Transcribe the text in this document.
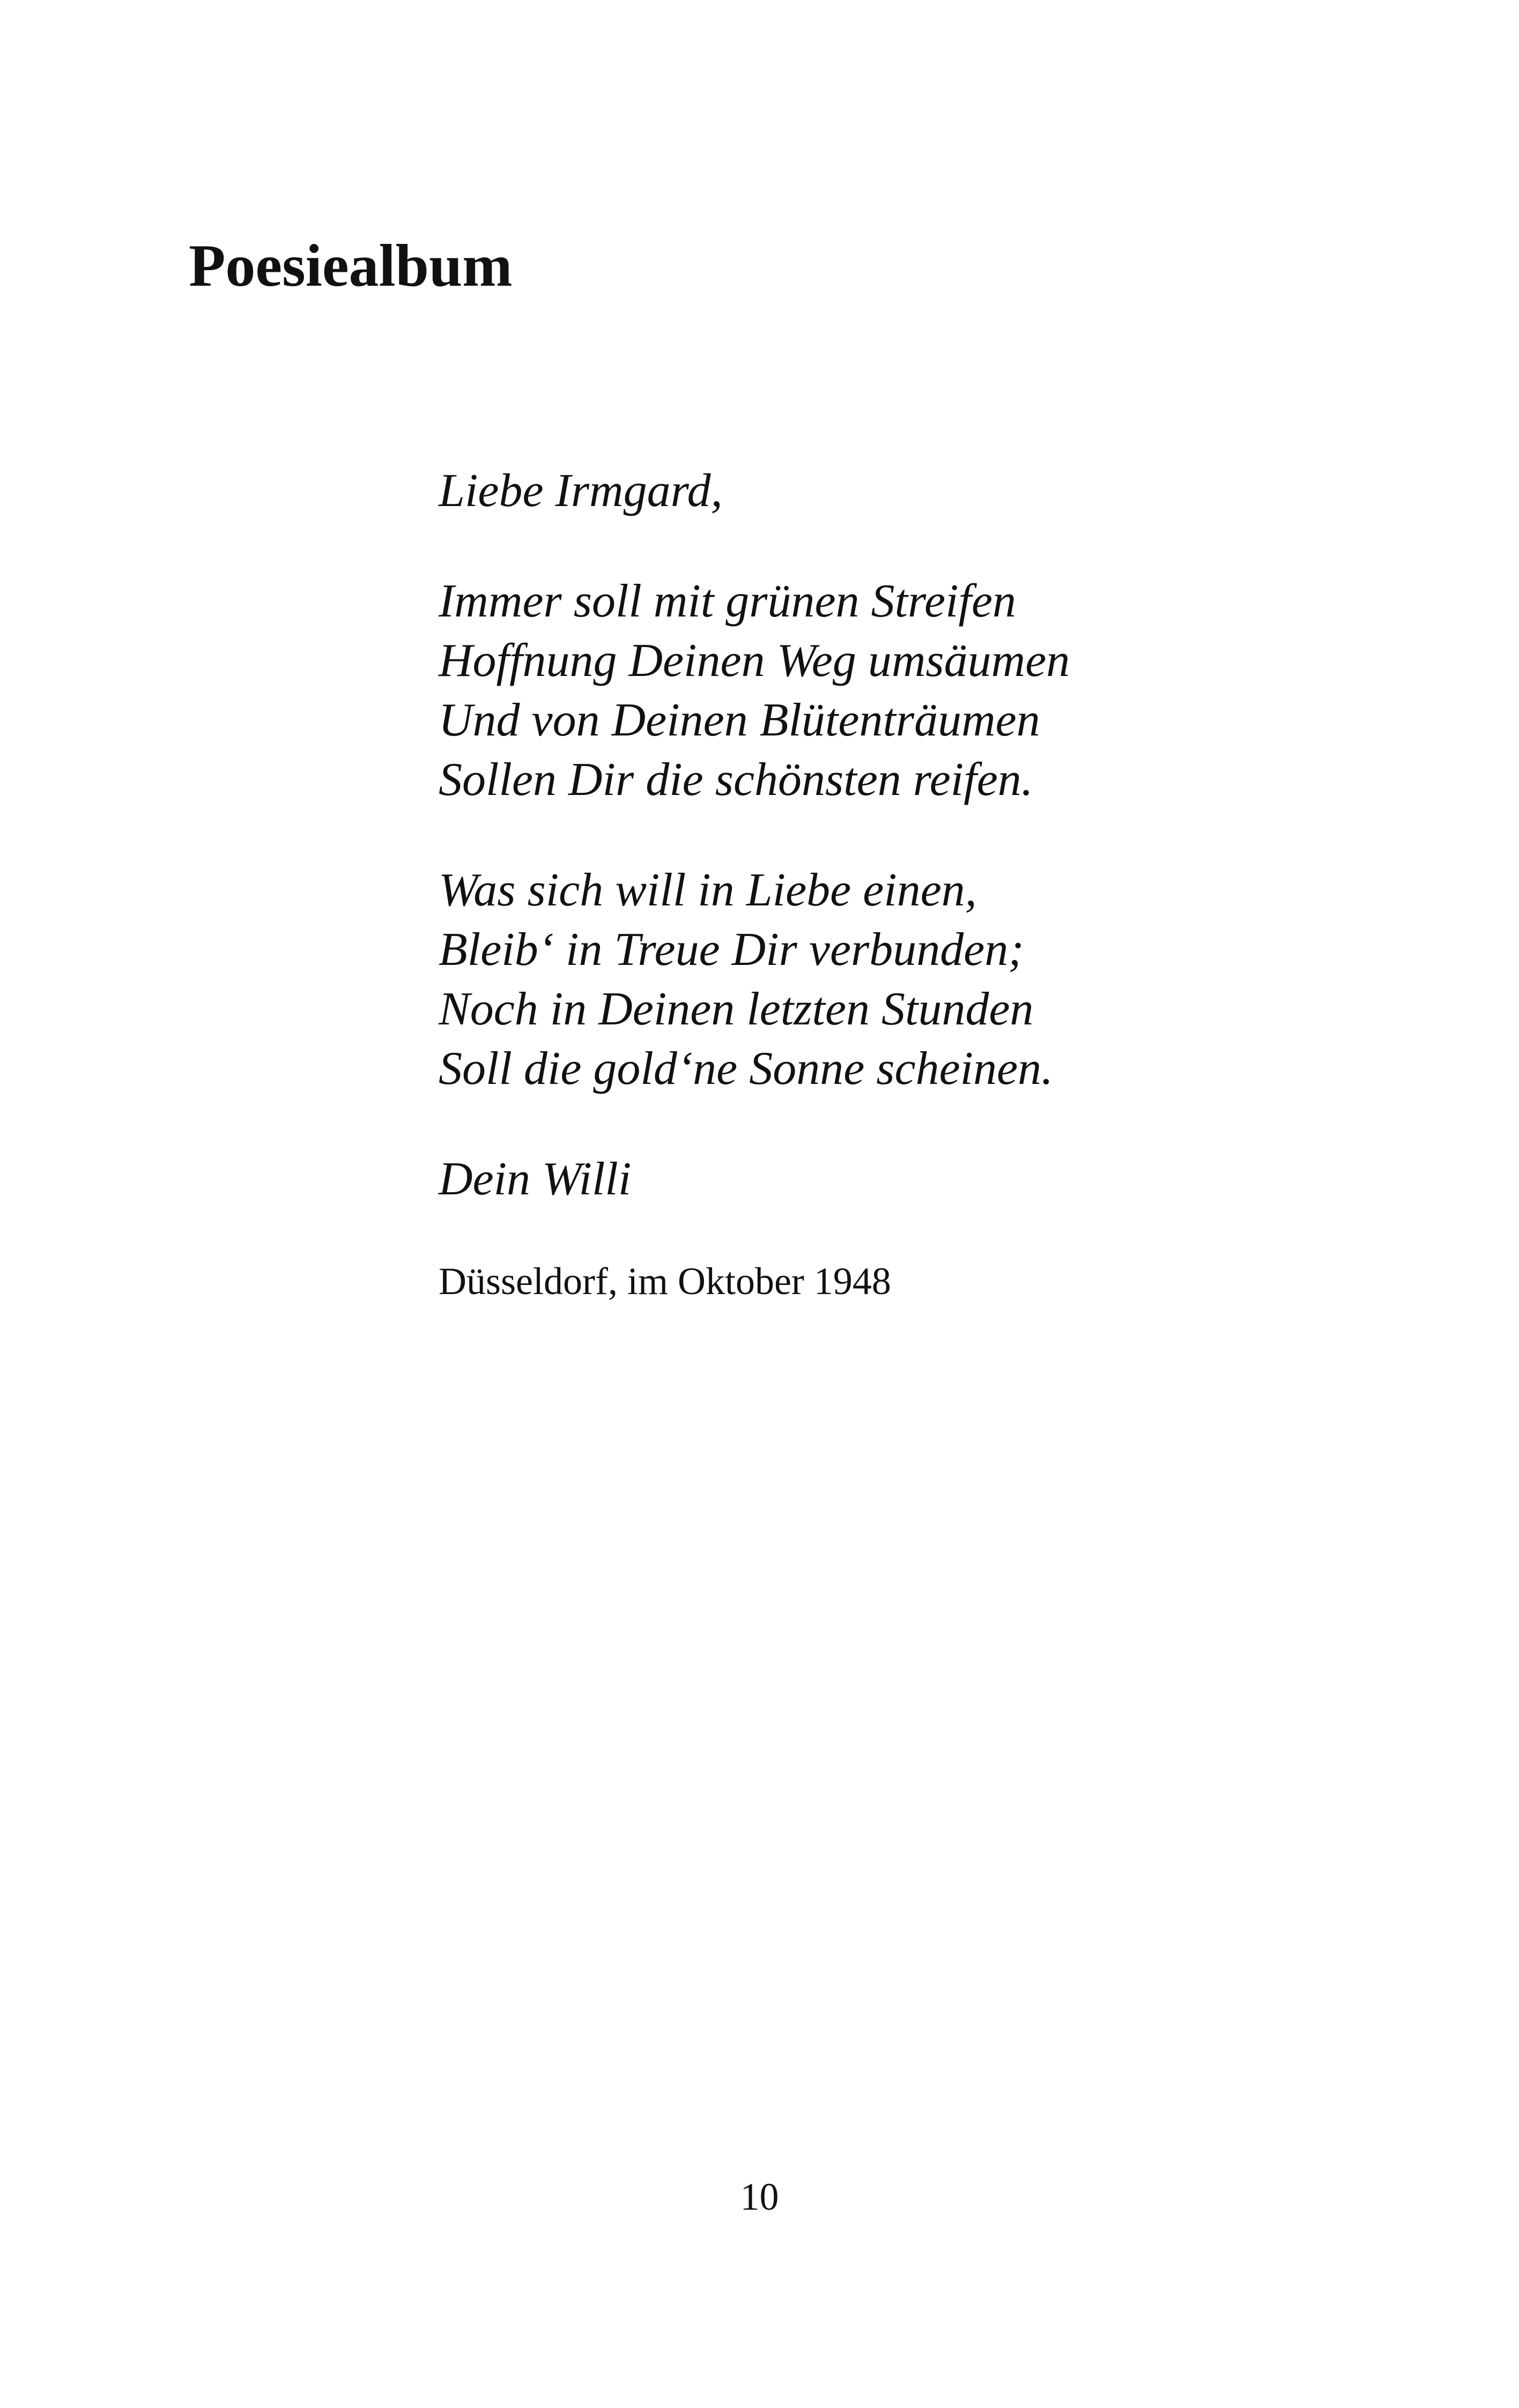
Poesiealbum
Liebe Irmgard,
Immer soll mit grünen Streifen
Hoffnung Deinen Weg umsäumen
Und von Deinen Blütenträumen
Sollen Dir die schönsten reifen.
Was sich will in Liebe einen,
Bleib‘ in Treue Dir verbunden;
Noch in Deinen letzten Stunden
Soll die gold‘ne Sonne scheinen.
Dein Willi
Düsseldorf, im Oktober 1948
10
